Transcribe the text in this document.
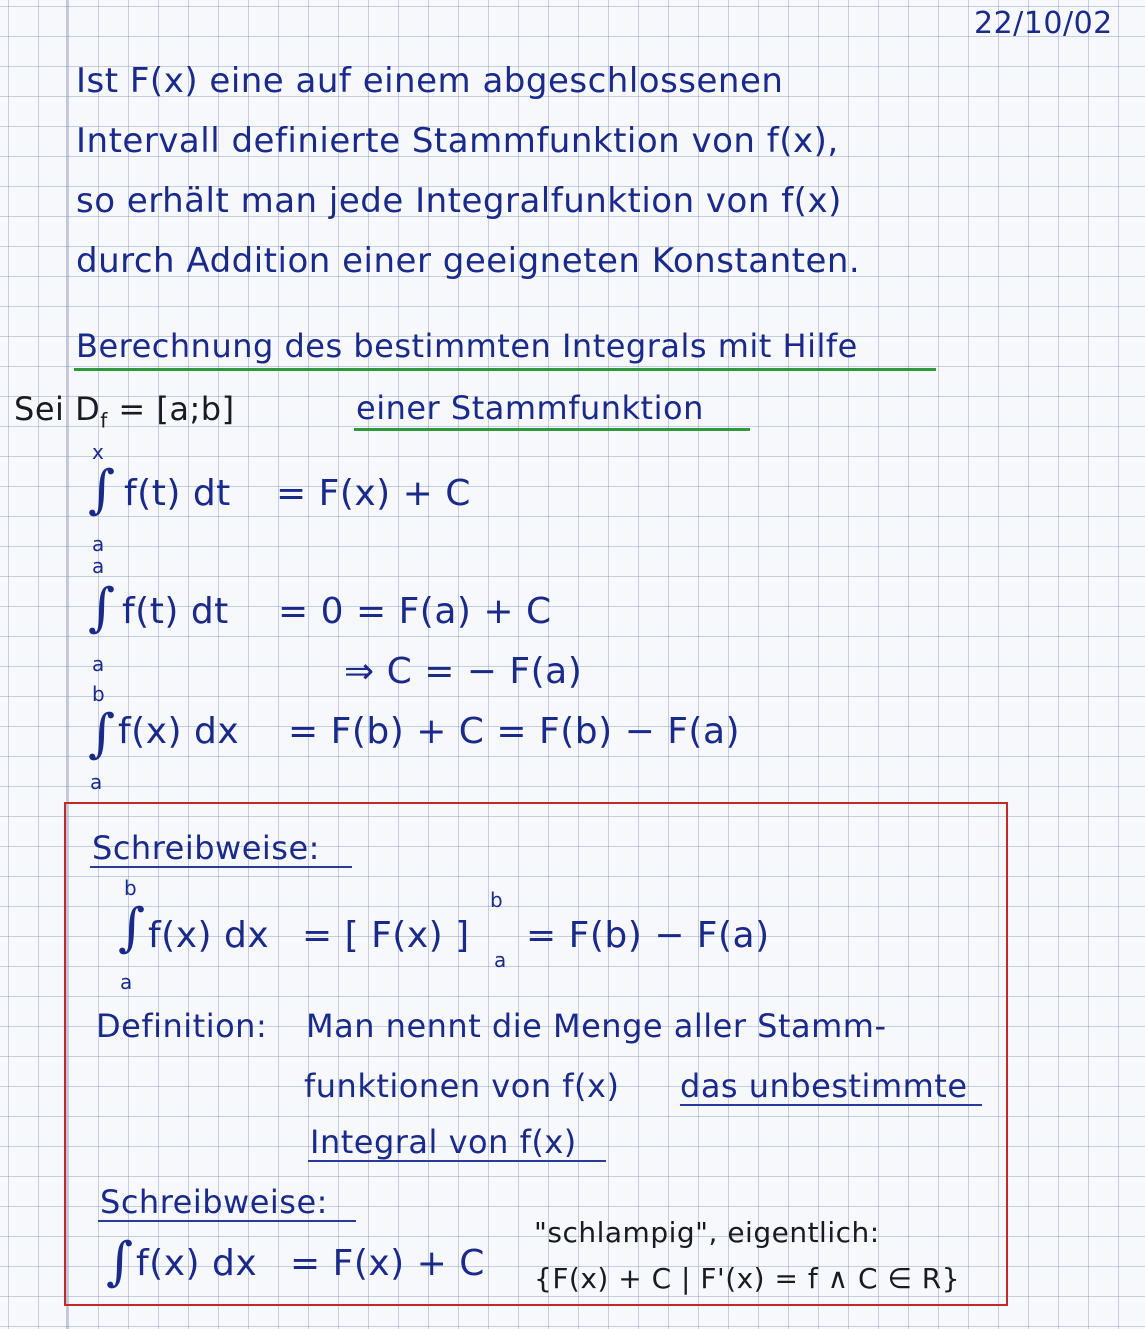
22/10/02
Ist F(x) eine auf einem abgeschlossenen
Intervall definierte Stammfunktion von f(x),
so erhält man jede Integralfunktion von f(x)
durch Addition einer geeigneten Konstanten.
Berechnung des bestimmten Integrals mit Hilfe
einer Stammfunktion
Sei $D_f$ = [a;b]
x
∫
a
f(t) dt = F(x) + C
a
∫
a
f(t) dt = 0 = F(a) + C
⇒ C = − F(a)
b
∫
a
f(x) dx = F(b) + C = F(b) − F(a)
Schreibweise:
b
∫
a
f(x) dx = [ F(x) ]
b
a
= F(b) − F(a)
Definition: Man nennt die Menge aller Stamm-
funktionen von f(x) das unbestimmte
Integral von f(x)
Schreibweise:
∫ f(x) dx = F(x) + C
"schlampig", eigentlich:
{F(x) + C | F'(x) = f ∧ C ∈ R}
